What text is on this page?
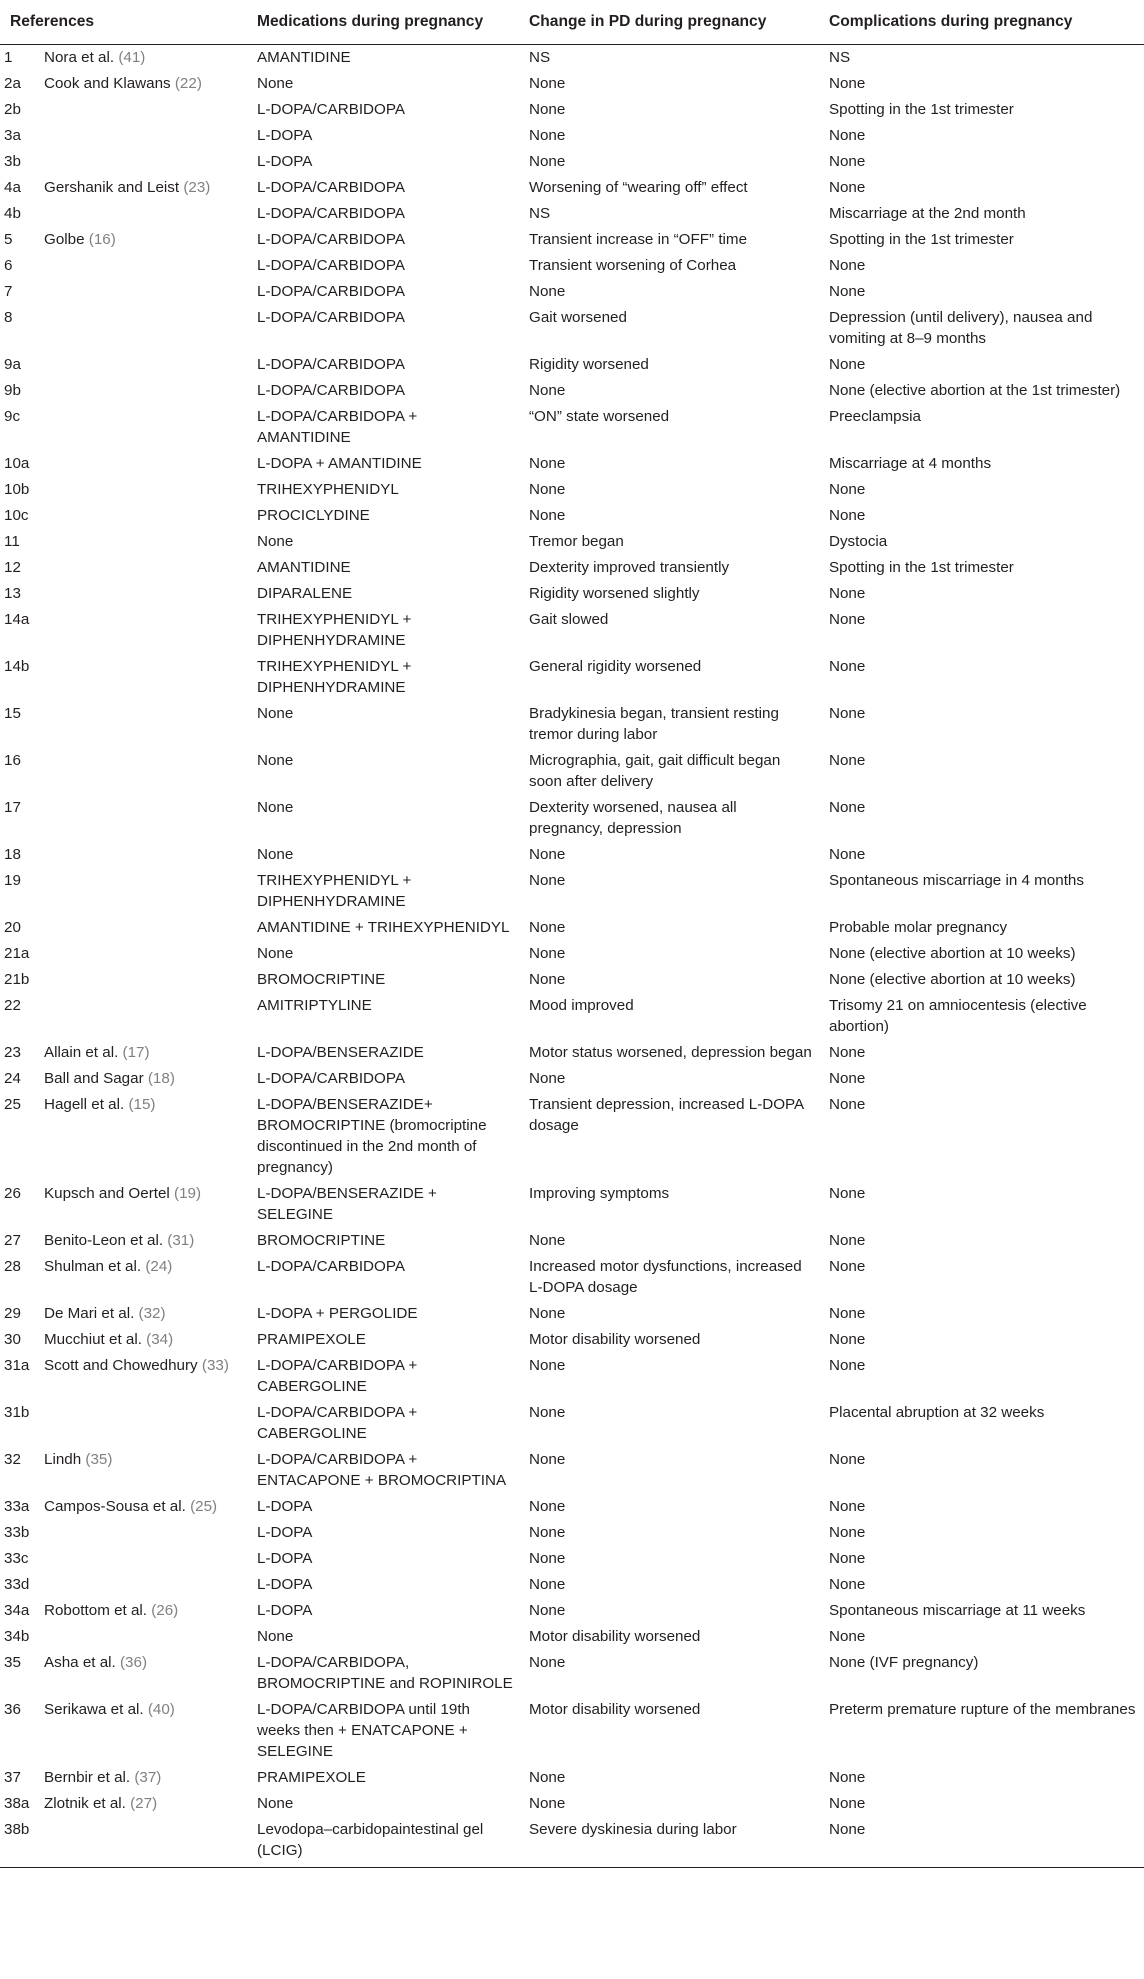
References		Medications during pregnancy	Change in PD during pregnancy	Complications during pregnancy
1	Nora et al. (41)	AMANTIDINE	NS	NS
2a	Cook and Klawans (22)	None	None	None
2b		L-DOPA/CARBIDOPA	None	Spotting in the 1st trimester
3a		L-DOPA	None	None
3b		L-DOPA	None	None
4a	Gershanik and Leist (23)	L-DOPA/CARBIDOPA	Worsening of “wearing off” effect	None
4b		L-DOPA/CARBIDOPA	NS	Miscarriage at the 2nd month
5	Golbe (16)	L-DOPA/CARBIDOPA	Transient increase in “OFF” time	Spotting in the 1st trimester
6		L-DOPA/CARBIDOPA	Transient worsening of Corhea	None
7		L-DOPA/CARBIDOPA	None	None
8		L-DOPA/CARBIDOPA	Gait worsened	Depression (until delivery), nausea and vomiting at 8–9 months
9a		L-DOPA/CARBIDOPA	Rigidity worsened	None
9b		L-DOPA/CARBIDOPA	None	None (elective abortion at the 1st trimester)
9c		L-DOPA/CARBIDOPA + AMANTIDINE	“ON” state worsened	Preeclampsia
10a		L-DOPA + AMANTIDINE	None	Miscarriage at 4 months
10b		TRIHEXYPHENIDYL	None	None
10c		PROCICLYDINE	None	None
11		None	Tremor began	Dystocia
12		AMANTIDINE	Dexterity improved transiently	Spotting in the 1st trimester
13		DIPARALENE	Rigidity worsened slightly	None
14a		TRIHEXYPHENIDYL + DIPHENHYDRAMINE	Gait slowed	None
14b		TRIHEXYPHENIDYL + DIPHENHYDRAMINE	General rigidity worsened	None
15		None	Bradykinesia began, transient resting tremor during labor	None
16		None	Micrographia, gait, gait difficult began soon after delivery	None
17		None	Dexterity worsened, nausea all pregnancy, depression	None
18		None	None	None
19		TRIHEXYPHENIDYL + DIPHENHYDRAMINE	None	Spontaneous miscarriage in 4 months
20		AMANTIDINE + TRIHEXYPHENIDYL	None	Probable molar pregnancy
21a		None	None	None (elective abortion at 10 weeks)
21b		BROMOCRIPTINE	None	None (elective abortion at 10 weeks)
22		AMITRIPTYLINE	Mood improved	Trisomy 21 on amniocentesis (elective abortion)
23	Allain et al. (17)	L-DOPA/BENSERAZIDE	Motor status worsened, depression began	None
24	Ball and Sagar (18)	L-DOPA/CARBIDOPA	None	None
25	Hagell et al. (15)	L-DOPA/BENSERAZIDE+ BROMOCRIPTINE (bromocriptine discontinued in the 2nd month of pregnancy)	Transient depression, increased L-DOPA dosage	None
26	Kupsch and Oertel (19)	L-DOPA/BENSERAZIDE + SELEGINE	Improving symptoms	None
27	Benito-Leon et al. (31)	BROMOCRIPTINE	None	None
28	Shulman et al. (24)	L-DOPA/CARBIDOPA	Increased motor dysfunctions, increased L-DOPA dosage	None
29	De Mari et al. (32)	L-DOPA + PERGOLIDE	None	None
30	Mucchiut et al. (34)	PRAMIPEXOLE	Motor disability worsened	None
31a	Scott and Chowedhury (33)	L-DOPA/CARBIDOPA + CABERGOLINE	None	None
31b		L-DOPA/CARBIDOPA + CABERGOLINE	None	Placental abruption at 32 weeks
32	Lindh (35)	L-DOPA/CARBIDOPA + ENTACAPONE + BROMOCRIPTINA	None	None
33a	Campos-Sousa et al. (25)	L-DOPA	None	None
33b		L-DOPA	None	None
33c		L-DOPA	None	None
33d		L-DOPA	None	None
34a	Robottom et al. (26)	L-DOPA	None	Spontaneous miscarriage at 11 weeks
34b		None	Motor disability worsened	None
35	Asha et al. (36)	L-DOPA/CARBIDOPA, BROMOCRIPTINE and ROPINIROLE	None	None (IVF pregnancy)
36	Serikawa et al. (40)	L-DOPA/CARBIDOPA until 19th weeks then + ENATCAPONE + SELEGINE	Motor disability worsened	Preterm premature rupture of the membranes
37	Bernbir et al. (37)	PRAMIPEXOLE	None	None
38a	Zlotnik et al. (27)	None	None	None
38b		Levodopa–carbidopaintestinal gel (LCIG)	Severe dyskinesia during labor	None
